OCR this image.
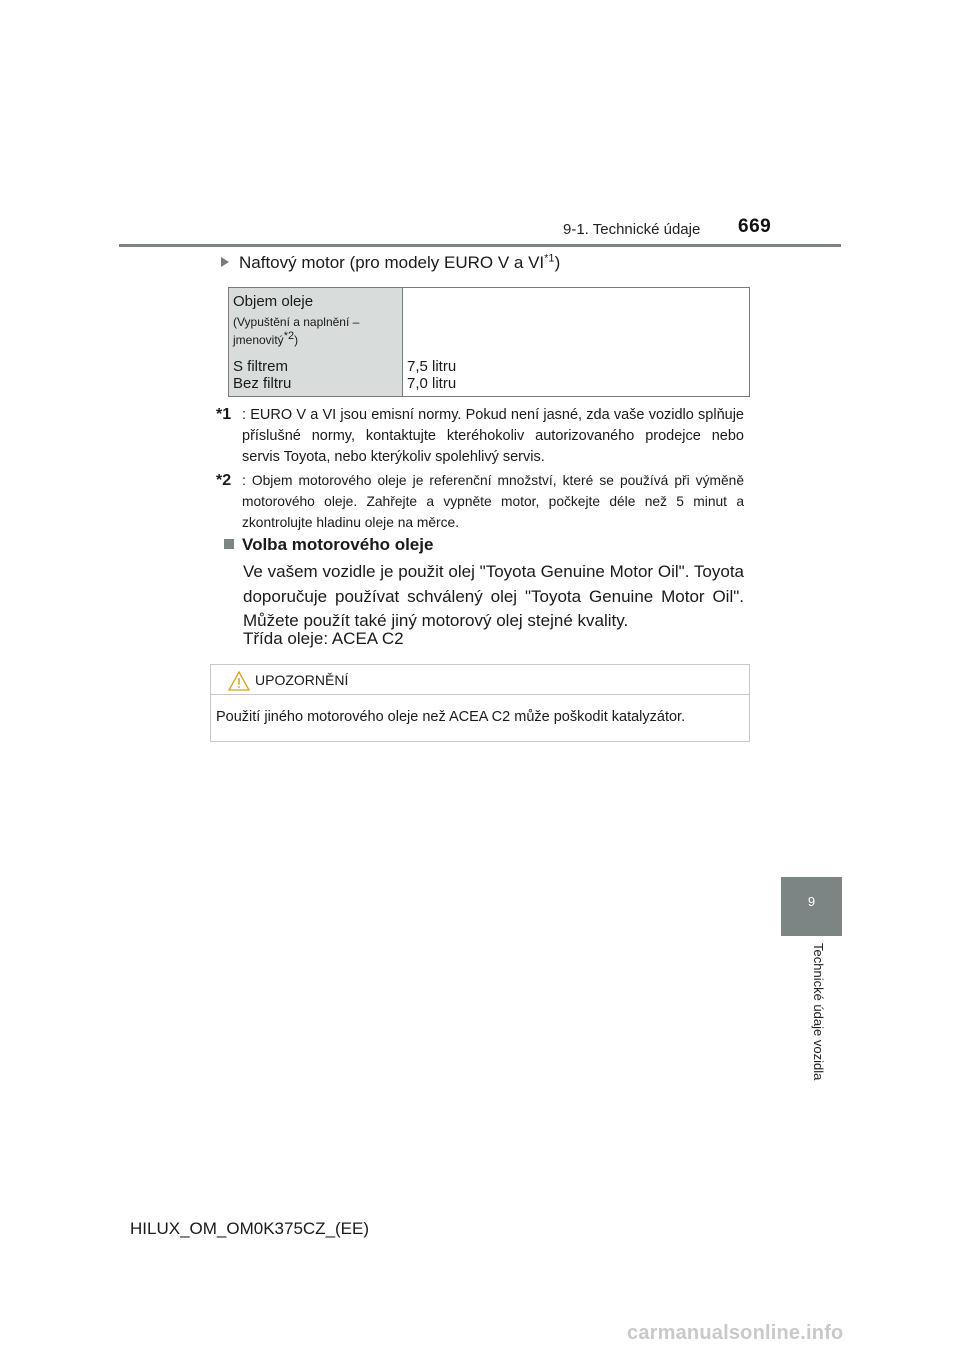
9-1. Technické údaje 669
9
Technické údaje vozidla
Naftový motor (pro modely EURO V a VI$^{*1}$)
Objem oleje
(Vypuštění a naplnění –
jmenovitý$^{*2}$)
S filtrem
Bez filtru
7,5 litru
7,0 litru
*1 : EURO V a VI jsou emisní normy. Pokud není jasné, zda vaše vozidlo splňuje příslušné normy, kontaktujte kteréhokoliv autorizovaného prodejce nebo servis Toyota, nebo kterýkoliv spolehlivý servis.
*2 : Objem motorového oleje je referenční množství, které se používá při výměně motorového oleje. Zahřejte a vypněte motor, počkejte déle než 5 minut a zkontrolujte hladinu oleje na měrce.
Volba motorového oleje
Ve vašem vozidle je použit olej "Toyota Genuine Motor Oil". Toyota doporučuje používat schválený olej "Toyota Genuine Motor Oil". Můžete použít také jiný motorový olej stejné kvality.
Třída oleje: ACEA C2
UPOZORNĚNÍ
Použití jiného motorového oleje než ACEA C2 může poškodit katalyzátor.
HILUX_OM_OM0K375CZ_(EE)
carmanualsonline.info
